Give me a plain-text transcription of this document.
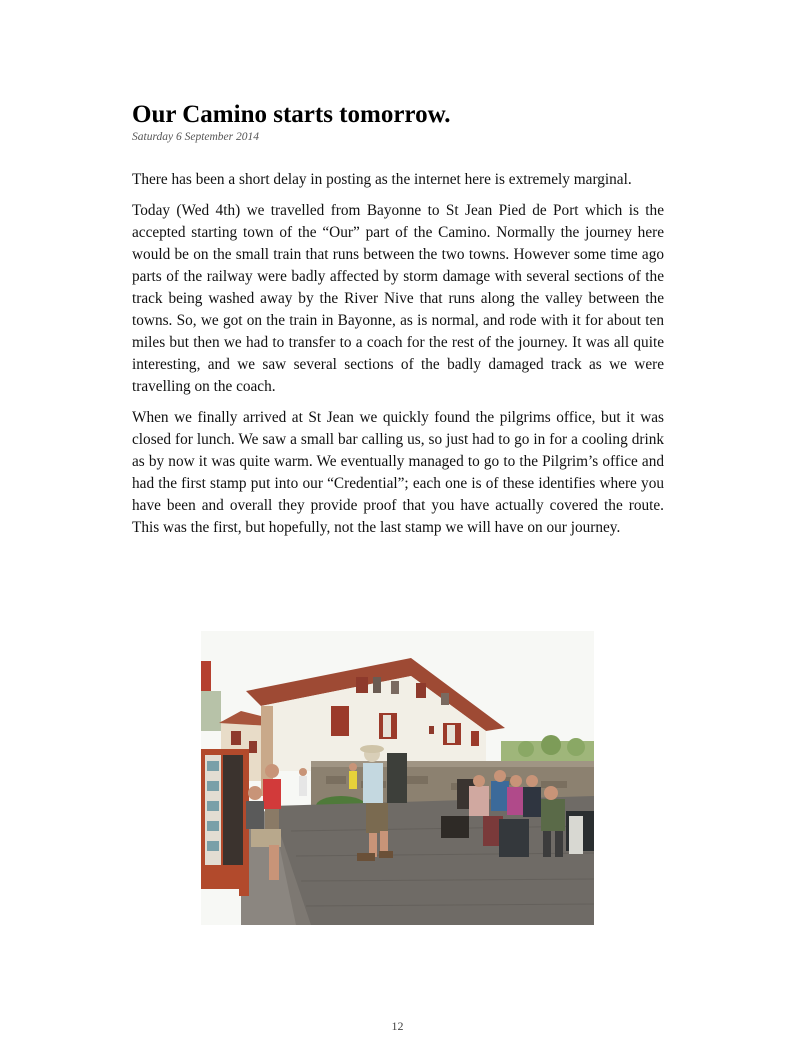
Our Camino starts tomorrow.

Saturday 6 September 2014

There has been a short delay in posting as the internet here is extremely marginal.

Today (Wed 4th) we travelled from Bayonne to St Jean Pied de Port which is the accepted starting town of the “Our” part of the Camino. Normally the journey here would be on the small train that runs between the two towns. However some time ago parts of the railway were badly affected by storm damage with several sections of the track being washed away by the River Nive that runs along the valley between the towns. So, we got on the train in Bayonne, as is normal, and rode with it for about ten miles but then we had to transfer to a coach for the rest of the journey. It was all quite interesting, and we saw several sections of the badly damaged track as we were travelling on the coach.

When we finally arrived at St Jean we quickly found the pilgrims office, but it was closed for lunch. We saw a small bar calling us, so just had to go in for a cooling drink as by now it was quite warm. We eventually managed to go to the Pilgrim’s office and had the first stamp put into our “Credential”; each one is of these identifies where you have been and overall they provide proof that you have actually covered the route. This was the first, but hopefully, not the last stamp we will have on our journey.

12
